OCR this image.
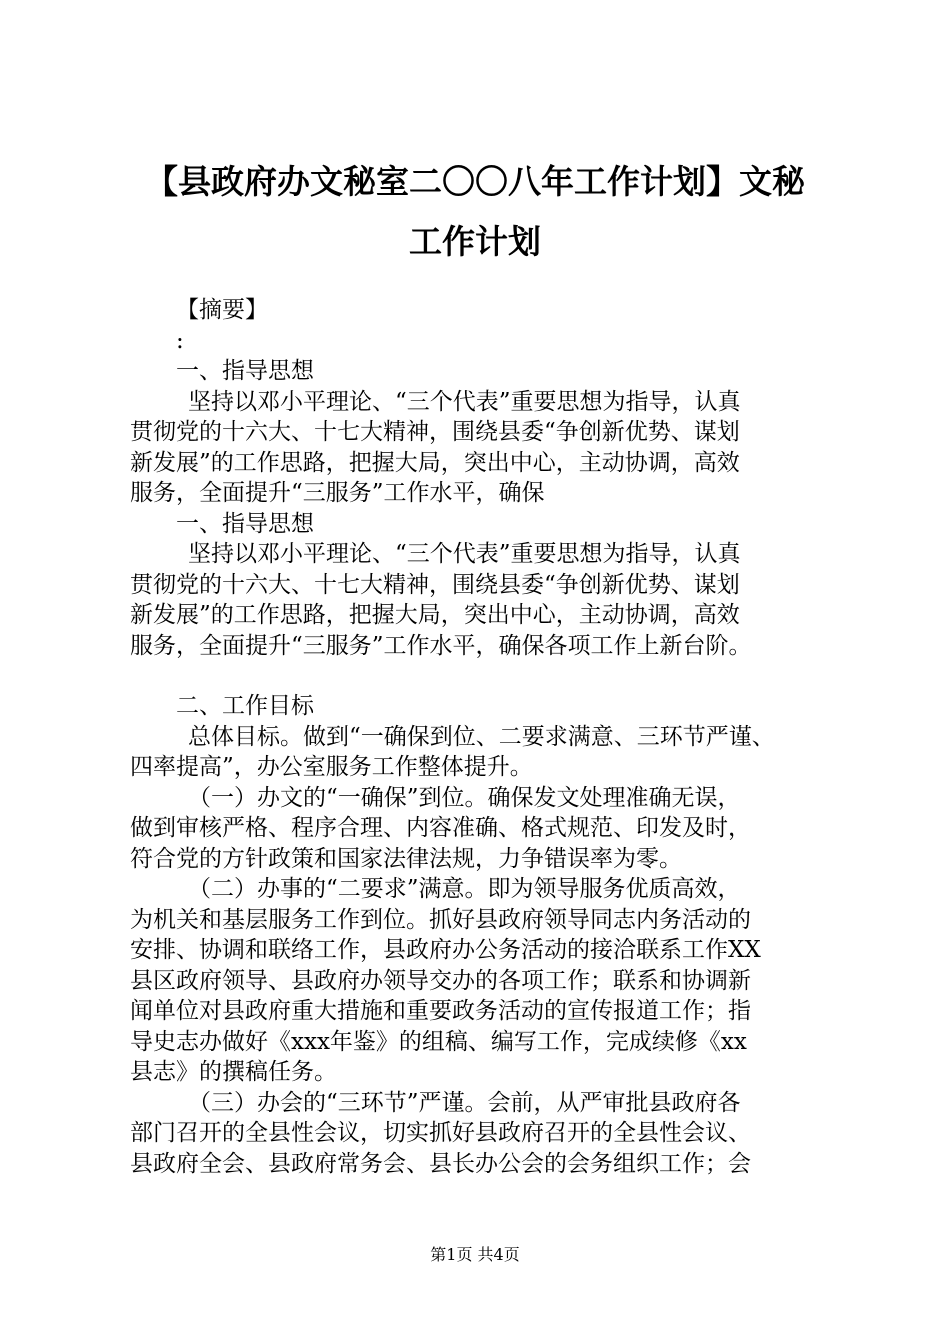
【县政府办文秘室二〇〇八年工作计划】文秘
工作计划
【摘要】
:
一、指导思想
坚持以邓小平理论、“三个代表”重要思想为指导，认真
贯彻党的十六大、十七大精神，围绕县委“争创新优势、谋划
新发展”的工作思路，把握大局，突出中心，主动协调，高效
服务，全面提升“三服务”工作水平，确保
一、指导思想
坚持以邓小平理论、“三个代表”重要思想为指导，认真
贯彻党的十六大、十七大精神，围绕县委“争创新优势、谋划
新发展”的工作思路，把握大局，突出中心，主动协调，高效
服务，全面提升“三服务”工作水平，确保各项工作上新台阶。
二、工作目标
总体目标。做到“一确保到位、二要求满意、三环节严谨、
四率提高”，办公室服务工作整体提升。
（一）办文的“一确保”到位。确保发文处理准确无误，
做到审核严格、程序合理、内容准确、格式规范、印发及时，
符合党的方针政策和国家法律法规，力争错误率为零。
（二）办事的“二要求”满意。即为领导服务优质高效，
为机关和基层服务工作到位。抓好县政府领导同志内务活动的
安排、协调和联络工作，县政府办公务活动的接洽联系工作XX
县区政府领导、县政府办领导交办的各项工作；联系和协调新
闻单位对县政府重大措施和重要政务活动的宣传报道工作；指
导史志办做好《xxx年鉴》的组稿、编写工作，完成续修《xx
县志》的撰稿任务。
（三）办会的“三环节”严谨。会前，从严审批县政府各
部门召开的全县性会议，切实抓好县政府召开的全县性会议、
县政府全会、县政府常务会、县长办公会的会务组织工作；会
第1页 共4页
